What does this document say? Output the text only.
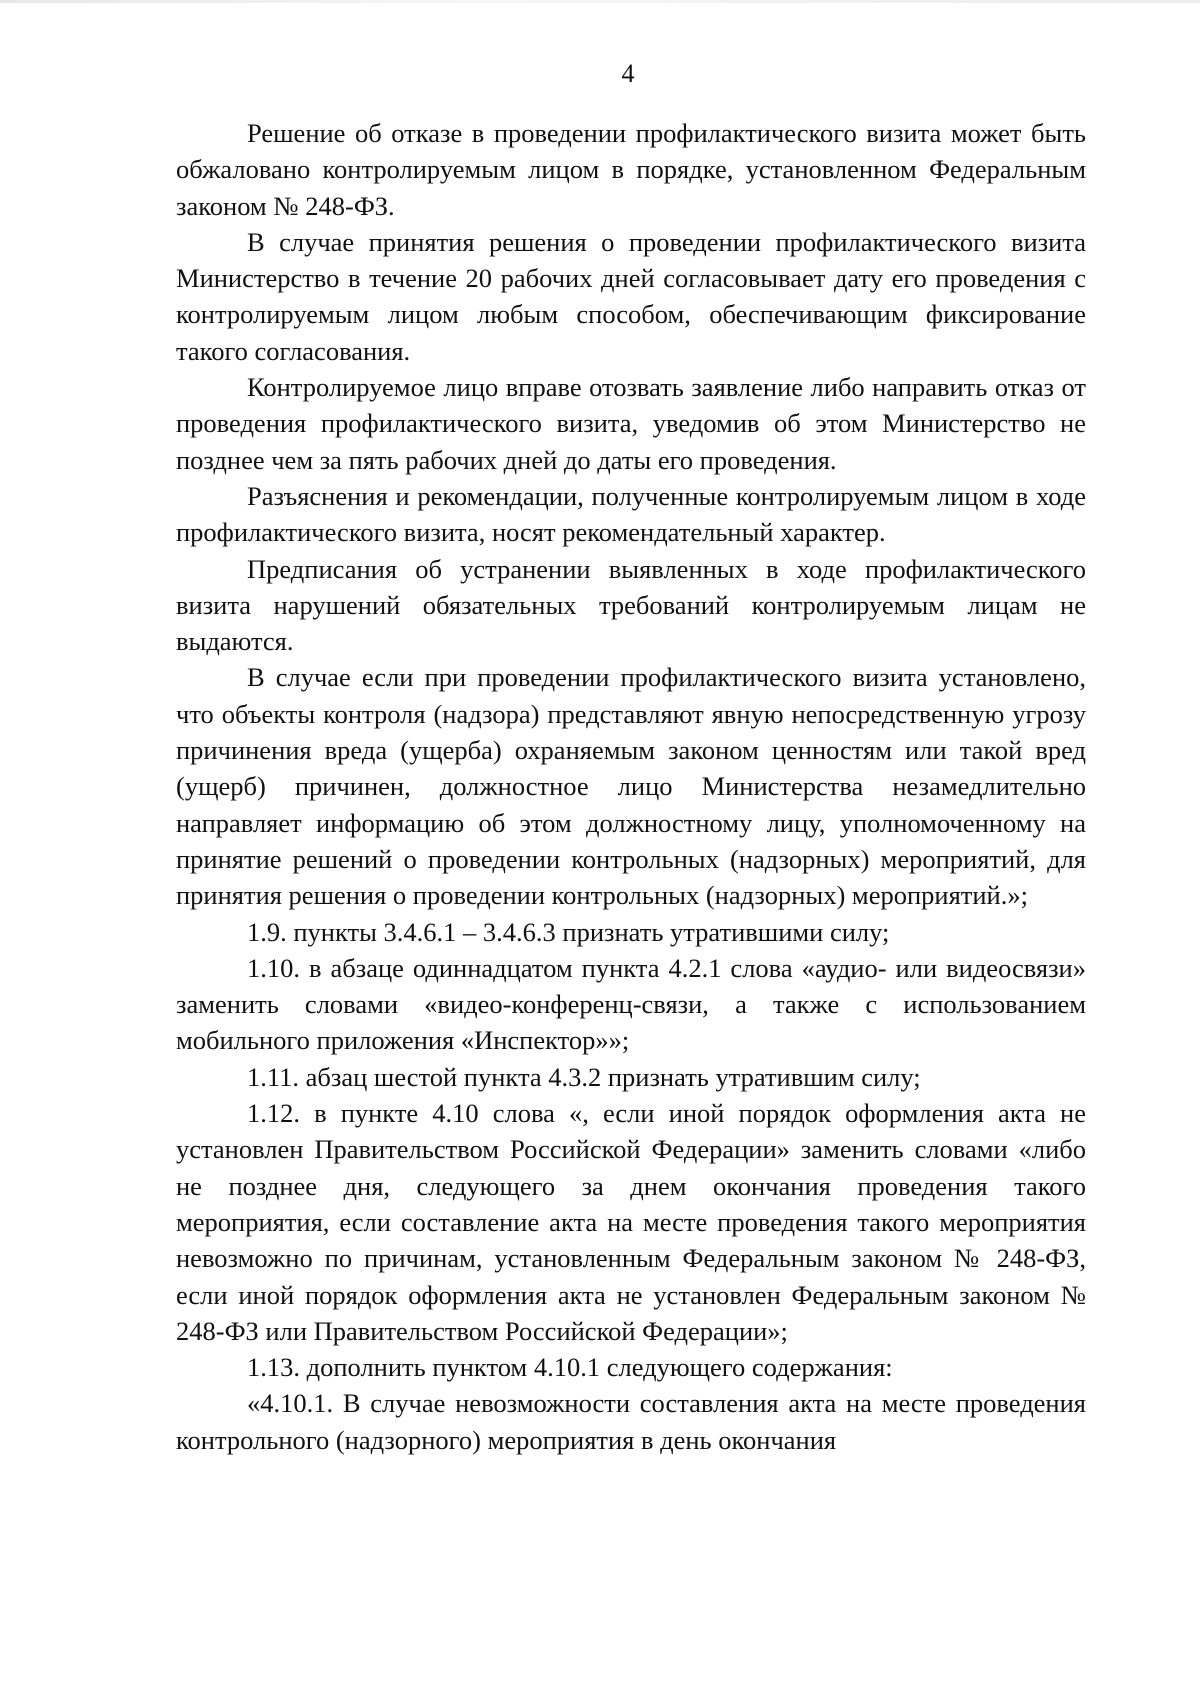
4

Решение об отказе в проведении профилактического визита может быть обжаловано контролируемым лицом в порядке, установленном Федеральным законом № 248-ФЗ.

В случае принятия решения о проведении профилактического визита Министерство в течение 20 рабочих дней согласовывает дату его проведения с контролируемым лицом любым способом, обеспечивающим фиксирование такого согласования.

Контролируемое лицо вправе отозвать заявление либо направить отказ от проведения профилактического визита, уведомив об этом Министерство не позднее чем за пять рабочих дней до даты его проведения.

Разъяснения и рекомендации, полученные контролируемым лицом в ходе профилактического визита, носят рекомендательный характер.

Предписания об устранении выявленных в ходе профилактического визита нарушений обязательных требований контролируемым лицам не выдаются.

В случае если при проведении профилактического визита установлено, что объекты контроля (надзора) представляют явную непосредственную угрозу причинения вреда (ущерба) охраняемым законом ценностям или такой вред (ущерб) причинен, должностное лицо Министерства незамедлительно направляет информацию об этом должностному лицу, уполномоченному на принятие решений о проведении контрольных (надзорных) мероприятий, для принятия решения о проведении контрольных (надзорных) мероприятий.»;

1.9. пункты 3.4.6.1 – 3.4.6.3 признать утратившими силу;

1.10. в абзаце одиннадцатом пункта 4.2.1 слова «аудио- или видеосвязи» заменить словами «видео-конференц-связи, а также с использованием мобильного приложения «Инспектор»»;

1.11. абзац шестой пункта 4.3.2 признать утратившим силу;

1.12. в пункте 4.10 слова «, если иной порядок оформления акта не установлен Правительством Российской Федерации» заменить словами «либо не позднее дня, следующего за днем окончания проведения такого мероприятия, если составление акта на месте проведения такого мероприятия невозможно по причинам, установленным Федеральным законом № 248-ФЗ, если иной порядок оформления акта не установлен Федеральным законом № 248-ФЗ или Правительством Российской Федерации»;

1.13. дополнить пунктом 4.10.1 следующего содержания:

«4.10.1. В случае невозможности составления акта на месте проведения контрольного (надзорного) мероприятия в день окончания
